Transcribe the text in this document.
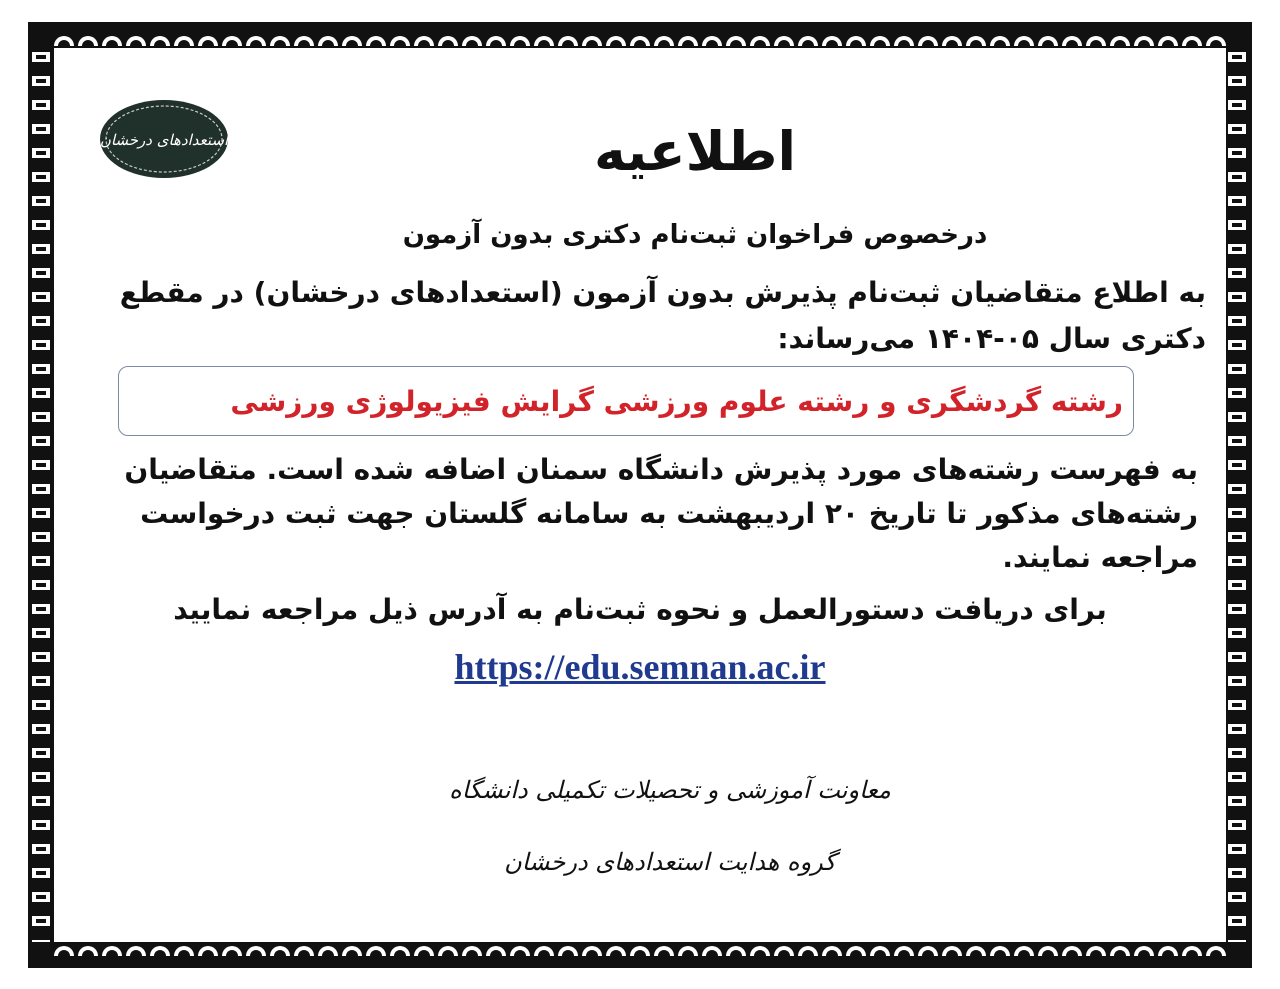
استعدادهای درخشان	اطلاعیه
درخصوص فراخوان ثبت‌نام دکتری بدون آزمون
به اطلاع متقاضیان ثبت‌نام پذیرش بدون آزمون (استعدادهای درخشان) در مقطع دکتری سال ۰۵-۱۴۰۴ می‌رساند:
رشته گردشگری و رشته علوم ورزشی گرایش فیزیولوژی ورزشی
به فهرست رشته‌های مورد پذیرش دانشگاه سمنان اضافه شده است. متقاضیان رشته‌های مذکور تا تاریخ ۲۰ اردیبهشت به سامانه گلستان جهت ثبت درخواست مراجعه نمایند.
برای دریافت دستورالعمل و نحوه ثبت‌نام به آدرس ذیل مراجعه نمایید
https://edu.semnan.ac.ir
معاونت آموزشی و تحصیلات تکمیلی دانشگاه
گروه هدایت استعدادهای درخشان
